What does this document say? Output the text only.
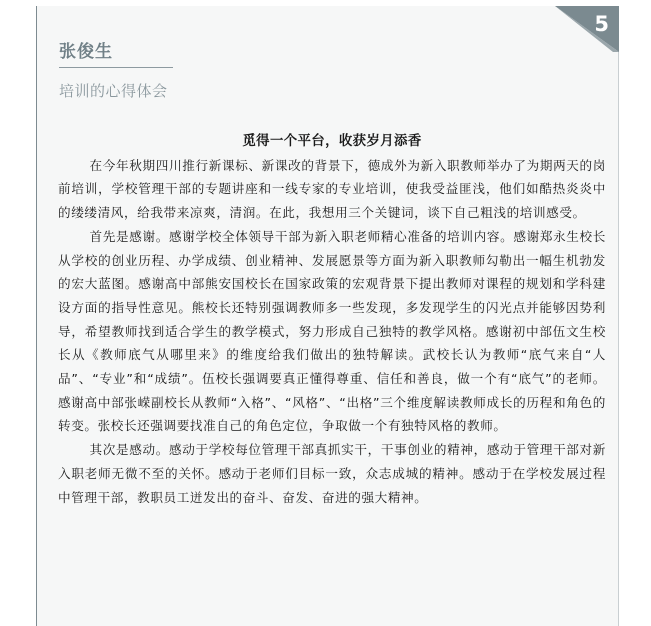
5
张俊生
培训的心得体会

觅得一个平台，收获岁月添香

在今年秋期四川推行新课标、新课改的背景下，德成外为新入职教师举办了为期两天的岗前培训，学校管理干部的专题讲座和一线专家的专业培训，使我受益匪浅，他们如酷热炎炎中的缕缕清风，给我带来凉爽，清润。在此，我想用三个关键词，谈下自己粗浅的培训感受。

首先是感谢。感谢学校全体领导干部为新入职老师精心准备的培训内容。感谢郑永生校长从学校的创业历程、办学成绩、创业精神、发展愿景等方面为新入职教师勾勒出一幅生机勃发的宏大蓝图。感谢高中部熊安国校长在国家政策的宏观背景下提出教师对课程的规划和学科建设方面的指导性意见。熊校长还特别强调教师多一些发现，多发现学生的闪光点并能够因势利导，希望教师找到适合学生的教学模式，努力形成自己独特的教学风格。感谢初中部伍文生校长从《教师底气从哪里来》的维度给我们做出的独特解读。武校长认为教师“底气来自“人品”、“专业”和“成绩”。伍校长强调要真正懂得尊重、信任和善良，做一个有“底气”的老师。感谢高中部张嵘副校长从教师“入格”、“风格”、“出格”三个维度解读教师成长的历程和角色的转变。张校长还强调要找准自己的角色定位，争取做一个有独特风格的教师。

其次是感动。感动于学校每位管理干部真抓实干，干事创业的精神，感动于管理干部对新入职老师无微不至的关怀。感动于老师们目标一致，众志成城的精神。感动于在学校发展过程中管理干部，教职员工迸发出的奋斗、奋发、奋进的强大精神。
